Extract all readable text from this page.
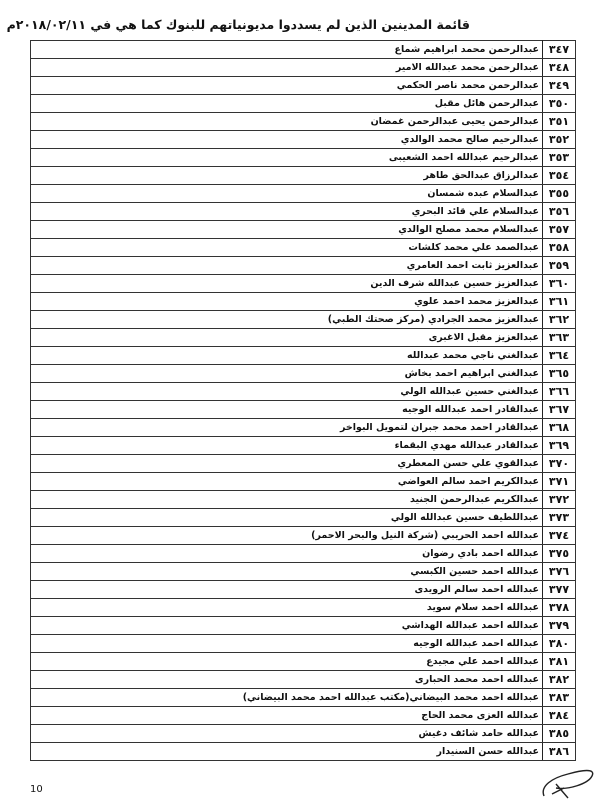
قائمة المدينين الذين لم يسددوا مديونياتهم للبنوك كما هي في ٢٠١٨/٠٢/١١م
٣٤٧	عبدالرحمن محمد ابراهيم شماع
٣٤٨	عبدالرحمن محمد عبدالله الامير
٣٤٩	عبدالرحمن محمد ناصر الحكمي
٣٥٠	عبدالرحمن هائل مقبل
٣٥١	عبدالرحمن يحيى عبدالرحمن غمضان
٣٥٢	عبدالرحيم صالح محمد الوالدي
٣٥٣	عبدالرحيم عبدالله احمد الشعيبى
٣٥٤	عبدالرزاق عبدالحق طاهر
٣٥٥	عبدالسلام عبده شمسان
٣٥٦	عبدالسلام علي قائد البحري
٣٥٧	عبدالسلام محمد مصلح الوالدي
٣٥٨	عبدالصمد علي محمد كلشات
٣٥٩	عبدالعزيز ثابت احمد العامري
٣٦٠	عبدالعزيز حسين عبدالله شرف الدين
٣٦١	عبدالعزيز محمد احمد علوي
٣٦٢	عبدالعزيز محمد الجرادي (مركز صحتك الطبي)
٣٦٣	عبدالعزيز مقبل الاغبرى
٣٦٤	عبدالغني ناجي محمد عبدالله
٣٦٥	عبدالغني ابراهيم احمد بخاش
٣٦٦	عبدالغني حسين عبدالله الولي
٣٦٧	عبدالقادر احمد عبدالله الوجيه
٣٦٨	عبدالقادر احمد محمد جبران لتمويل البواخر
٣٦٩	عبدالقادر عبدالله مهدي البقماء
٣٧٠	عبدالقوي علي حسن المعطري
٣٧١	عبدالكريم احمد سالم العواضي
٣٧٢	عبدالكريم عبدالرحمن الجنيد
٣٧٣	عبداللطيف حسين عبدالله الولي
٣٧٤	عبدالله احمد الحريبي (شركة النيل والبحر الاحمر)
٣٧٥	عبدالله احمد بادي رضوان
٣٧٦	عبدالله احمد حسين الكبسي
٣٧٧	عبدالله احمد سالم الرويدى
٣٧٨	عبدالله احمد سلام سويد
٣٧٩	عبدالله احمد عبدالله الهداشي
٣٨٠	عبدالله احمد عبدالله الوجيه
٣٨١	عبدالله احمد علي مجيدع
٣٨٢	عبدالله احمد محمد الحبارى
٣٨٣	عبدالله احمد محمد البيضاني(مكتب عبدالله احمد محمد البيضاني)
٣٨٤	عبدالله العزى محمد الحاج
٣٨٥	عبدالله حامد شائف دغيش
٣٨٦	عبدالله حسن السنيدار
10
